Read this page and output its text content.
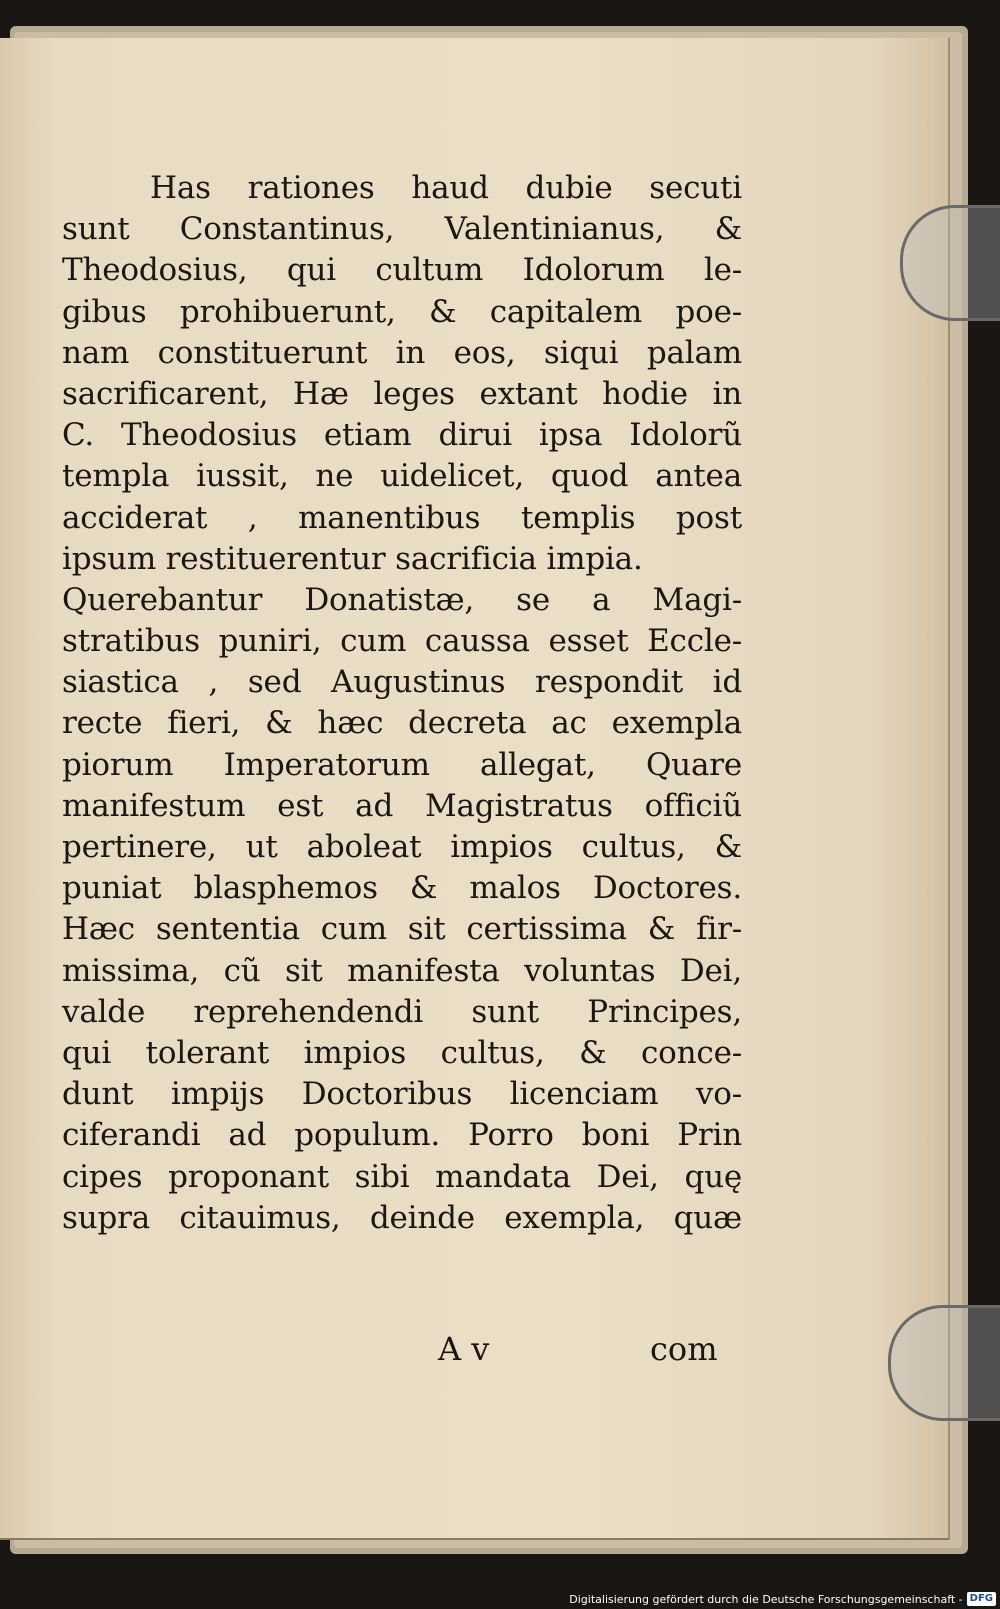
Has rationes haud dubie secuti
sunt Constantinus, Valentinianus, &
Theodosius, qui cultum Idolorum le-
gibus prohibuerunt, & capitalem poe-
nam constituerunt in eos, siqui palam
sacrificarent, Hæ leges extant hodie in
C. Theodosius etiam dirui ipsa Idolorũ
templa iussit, ne uidelicet, quod antea
acciderat , manentibus templis post
ipsum restituerentur sacrificia impia.
Querebantur Donatistæ, se a Magi-
stratibus puniri, cum caussa esset Eccle-
siastica , sed Augustinus respondit id
recte fieri, & hæc decreta ac exempla
piorum Imperatorum allegat, Quare
manifestum est ad Magistratus officiũ
pertinere, ut aboleat impios cultus, &
puniat blasphemos & malos Doctores.
Hæc sententia cum sit certissima & fir-
missima, cũ sit manifesta voluntas Dei,
valde reprehendendi sunt Principes,
qui tolerant impios cultus, & conce-
dunt impijs Doctoribus licenciam vo-
ciferandi ad populum. Porro boni Prin
cipes proponant sibi mandata Dei, quę
supra citauimus, deinde exempla, quæ
A v	com
Digitalisierung gefördert durch die Deutsche Forschungsgemeinschaft - DFG
